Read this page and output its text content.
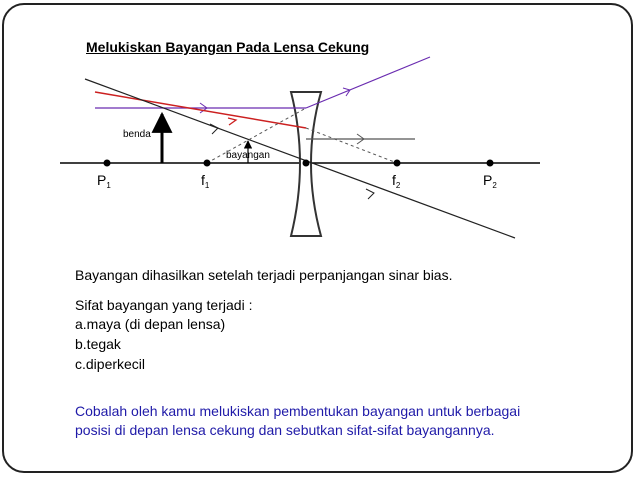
Melukiskan Bayangan Pada Lensa Cekung
$P_1$	$f_1$	$f_2$	$P_2$
benda
bayangan
Bayangan dihasilkan setelah terjadi perpanjangan sinar bias.
Sifat bayangan yang terjadi :
a.maya (di depan lensa)
b.tegak
c.diperkecil
Cobalah oleh kamu melukiskan pembentukan bayangan untuk berbagai
posisi di depan lensa cekung dan sebutkan sifat-sifat bayangannya.
